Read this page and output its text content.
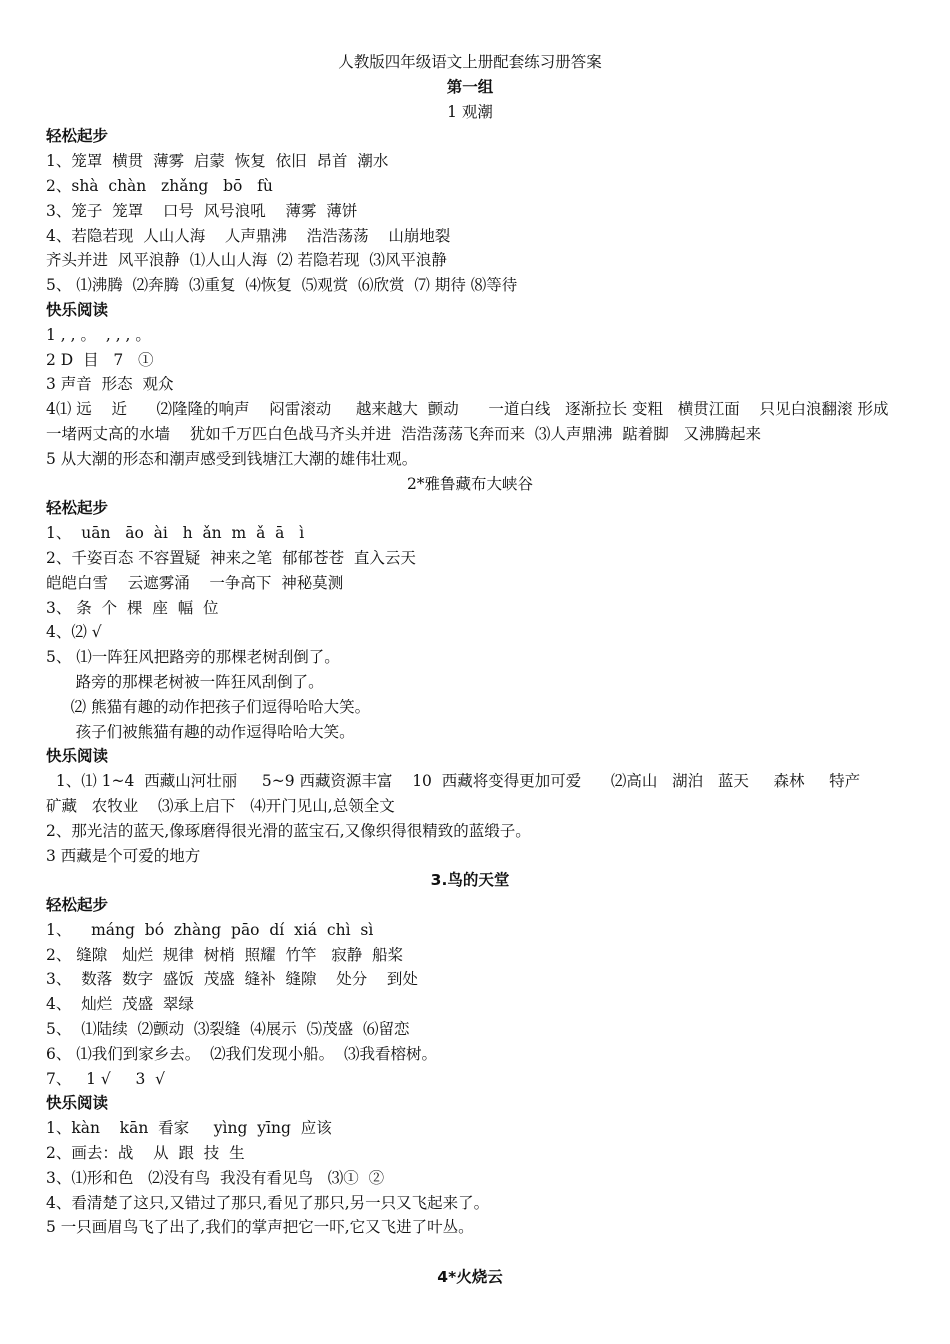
人教版四年级语文上册配套练习册答案
第一组
1 观潮
轻松起步
1、笼罩  横贯  薄雾  启蒙  恢复  依旧  昂首  潮水
2、shà  chàn   zhǎng   bō   fù
3、笼子  笼罩    口号  风号浪吼    薄雾  薄饼
4、若隐若现  人山人海    人声鼎沸    浩浩荡荡    山崩地裂
齐头并进  风平浪静  ⑴人山人海  ⑵ 若隐若现  ⑶风平浪静
5、 ⑴沸腾  ⑵奔腾  ⑶重复  ⑷恢复  ⑸观赏  ⑹欣赏  ⑺ 期待 ⑻等待
快乐阅读
1 , , 。  , , , 。
2 D  目   7   ①
3 声音  形态  观众
4⑴ 远    近      ⑵隆隆的响声    闷雷滚动     越来越大  颤动      一道白线   逐渐拉长 变粗   横贯江面    只见白浪翻滚 形成一堵两丈高的水墙    犹如千万匹白色战马齐头并进  浩浩荡荡飞奔而来  ⑶人声鼎沸  踮着脚   又沸腾起来
5 从大潮的形态和潮声感受到钱塘江大潮的雄伟壮观。
2*雅鲁藏布大峡谷
轻松起步
1、  uān   āo  ài   h  ǎn  m  ǎ  ā   ì
2、千姿百态 不容置疑  神来之笔  郁郁苍苍  直入云天
皑皑白雪    云遮雾涌    一争高下  神秘莫测
3、 条  个  棵  座  幅  位
4、⑵ √
5、 ⑴一阵狂风把路旁的那棵老树刮倒了。
路旁的那棵老树被一阵狂风刮倒了。
⑵ 熊猫有趣的动作把孩子们逗得哈哈大笑。
孩子们被熊猫有趣的动作逗得哈哈大笑。
快乐阅读
1、⑴ 1~4  西藏山河壮丽     5~9 西藏资源丰富    10  西藏将变得更加可爱      ⑵高山   湖泊   蓝天     森林     特产    矿藏   农牧业    ⑶承上启下   ⑷开门见山,总领全文
2、那光洁的蓝天,像琢磨得很光滑的蓝宝石,又像织得很精致的蓝缎子。
3 西藏是个可爱的地方
3.鸟的天堂
轻松起步
1、    máng  bó  zhàng  pāo  dí  xiá  chì  sì
2、 缝隙   灿烂  规律  树梢  照耀  竹竿   寂静  船桨
3、  数落  数字  盛饭  茂盛  缝补  缝隙    处分    到处
4、  灿烂  茂盛  翠绿
5、  ⑴陆续  ⑵颤动  ⑶裂缝  ⑷展示  ⑸茂盛  ⑹留恋
6、 ⑴我们到家乡去。  ⑵我们发现小船。  ⑶我看榕树。
7、   1 √     3  √
快乐阅读
1、kàn    kān  看家     yìng  yīng  应该
2、画去：战    从  跟  技  生
3、⑴形和色   ⑵没有鸟  我没有看见鸟   ⑶①  ②
4、看清楚了这只,又错过了那只,看见了那只,另一只又飞起来了。
5 一只画眉鸟飞了出了,我们的掌声把它一吓,它又飞进了叶丛。
4*火烧云
